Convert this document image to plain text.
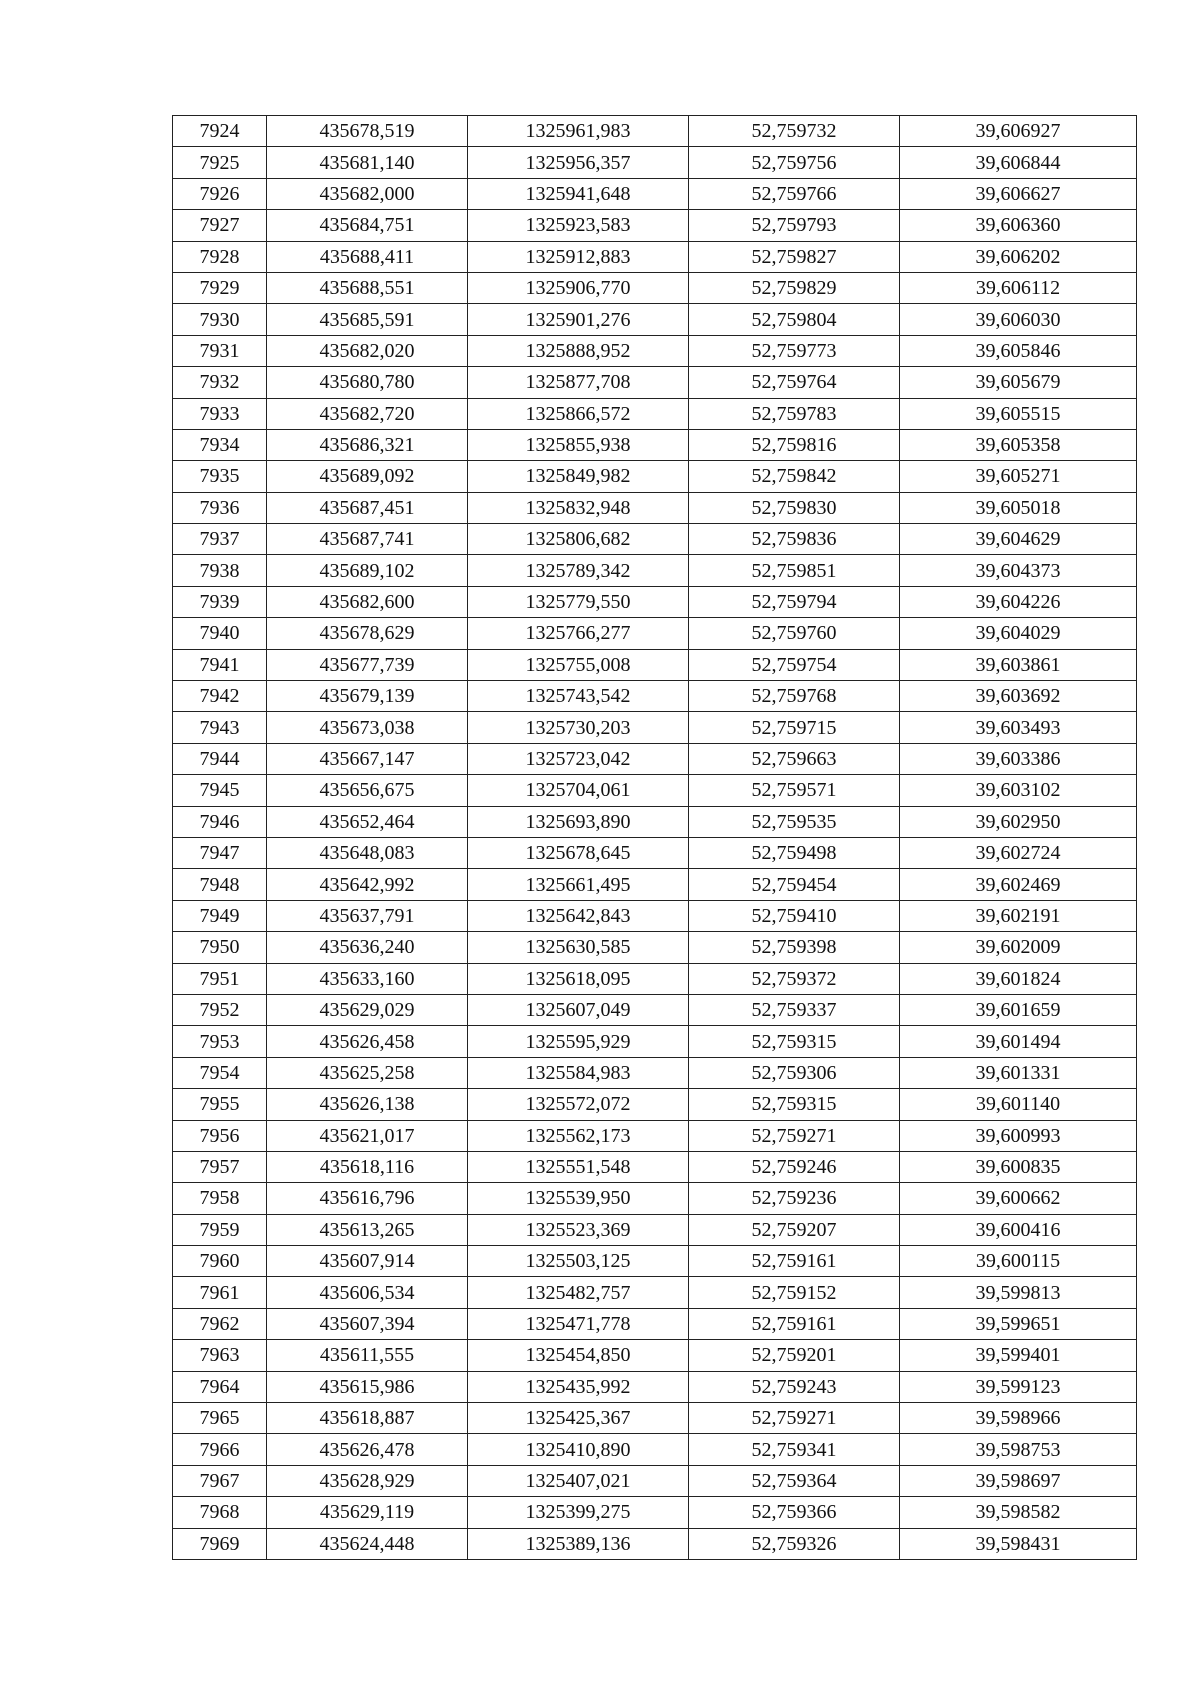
7924	435678,519	1325961,983	52,759732	39,606927
7925	435681,140	1325956,357	52,759756	39,606844
7926	435682,000	1325941,648	52,759766	39,606627
7927	435684,751	1325923,583	52,759793	39,606360
7928	435688,411	1325912,883	52,759827	39,606202
7929	435688,551	1325906,770	52,759829	39,606112
7930	435685,591	1325901,276	52,759804	39,606030
7931	435682,020	1325888,952	52,759773	39,605846
7932	435680,780	1325877,708	52,759764	39,605679
7933	435682,720	1325866,572	52,759783	39,605515
7934	435686,321	1325855,938	52,759816	39,605358
7935	435689,092	1325849,982	52,759842	39,605271
7936	435687,451	1325832,948	52,759830	39,605018
7937	435687,741	1325806,682	52,759836	39,604629
7938	435689,102	1325789,342	52,759851	39,604373
7939	435682,600	1325779,550	52,759794	39,604226
7940	435678,629	1325766,277	52,759760	39,604029
7941	435677,739	1325755,008	52,759754	39,603861
7942	435679,139	1325743,542	52,759768	39,603692
7943	435673,038	1325730,203	52,759715	39,603493
7944	435667,147	1325723,042	52,759663	39,603386
7945	435656,675	1325704,061	52,759571	39,603102
7946	435652,464	1325693,890	52,759535	39,602950
7947	435648,083	1325678,645	52,759498	39,602724
7948	435642,992	1325661,495	52,759454	39,602469
7949	435637,791	1325642,843	52,759410	39,602191
7950	435636,240	1325630,585	52,759398	39,602009
7951	435633,160	1325618,095	52,759372	39,601824
7952	435629,029	1325607,049	52,759337	39,601659
7953	435626,458	1325595,929	52,759315	39,601494
7954	435625,258	1325584,983	52,759306	39,601331
7955	435626,138	1325572,072	52,759315	39,601140
7956	435621,017	1325562,173	52,759271	39,600993
7957	435618,116	1325551,548	52,759246	39,600835
7958	435616,796	1325539,950	52,759236	39,600662
7959	435613,265	1325523,369	52,759207	39,600416
7960	435607,914	1325503,125	52,759161	39,600115
7961	435606,534	1325482,757	52,759152	39,599813
7962	435607,394	1325471,778	52,759161	39,599651
7963	435611,555	1325454,850	52,759201	39,599401
7964	435615,986	1325435,992	52,759243	39,599123
7965	435618,887	1325425,367	52,759271	39,598966
7966	435626,478	1325410,890	52,759341	39,598753
7967	435628,929	1325407,021	52,759364	39,598697
7968	435629,119	1325399,275	52,759366	39,598582
7969	435624,448	1325389,136	52,759326	39,598431
